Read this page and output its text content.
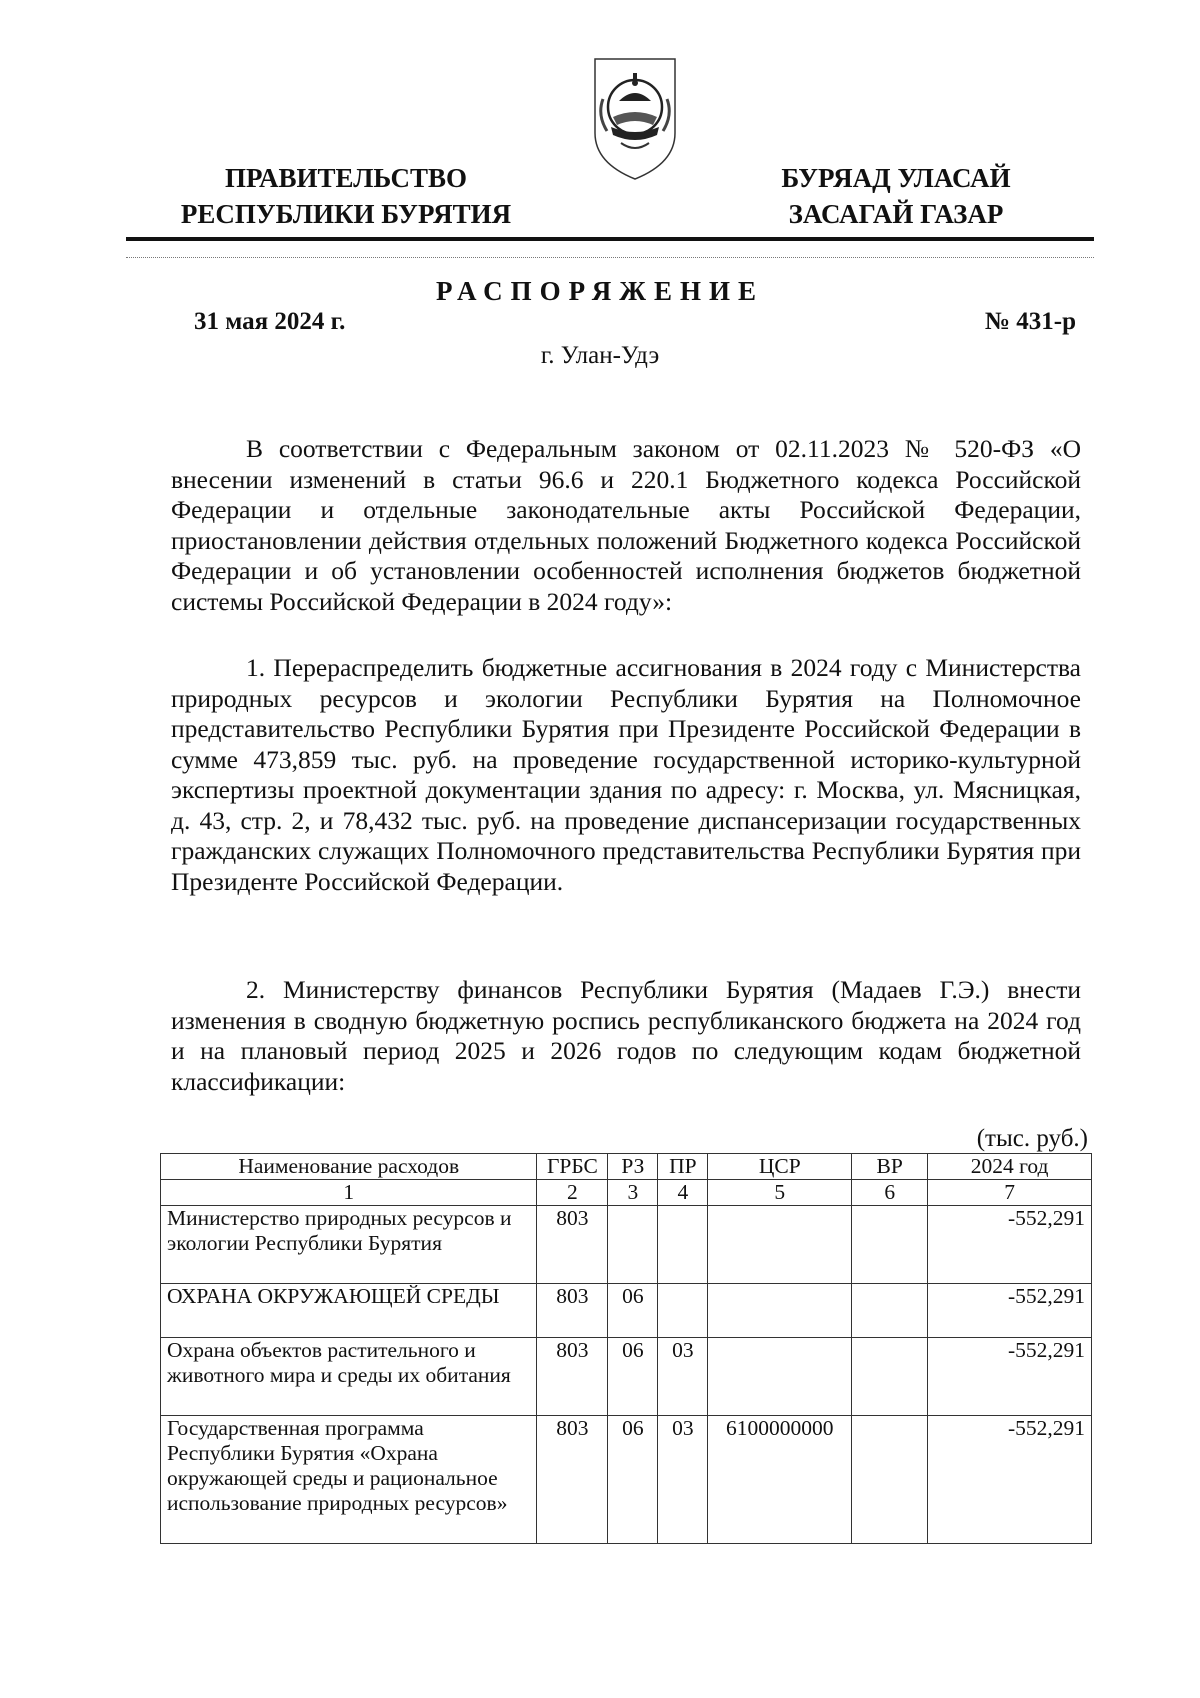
ПРАВИТЕЛЬСТВО
РЕСПУБЛИКИ БУРЯТИЯ
БУРЯАД УЛАСАЙ
ЗАСАГАЙ ГАЗАР
РАСПОРЯЖЕНИЕ
31 мая 2024 г.	№ 431-р
г. Улан-Удэ

В соответствии с Федеральным законом от 02.11.2023 № 520-ФЗ «О внесении изменений в статьи 96.6 и 220.1 Бюджетного кодекса Российской Федерации и отдельные законодательные акты Российской Федерации, приостановлении действия отдельных положений Бюджетного кодекса Российской Федерации и об установлении особенностей исполнения бюджетов бюджетной системы Российской Федерации в 2024 году»:

1. Перераспределить бюджетные ассигнования в 2024 году с Министерства природных ресурсов и экологии Республики Бурятия на Полномочное представительство Республики Бурятия при Президенте Российской Федерации в сумме 473,859 тыс. руб. на проведение государственной историко-культурной экспертизы проектной документации здания по адресу: г. Москва, ул. Мясницкая, д. 43, стр. 2, и 78,432 тыс. руб. на проведение диспансеризации государственных гражданских служащих Полномочного представительства Республики Бурятия при Президенте Российской Федерации.

2. Министерству финансов Республики Бурятия (Мадаев Г.Э.) внести изменения в сводную бюджетную роспись республиканского бюджета на 2024 год и на плановый период 2025 и 2026 годов по следующим кодам бюджетной классификации:

(тыс. руб.)
Наименование расходов	ГРБС	РЗ	ПР	ЦСР	ВР	2024 год
1	2	3	4	5	6	7
Министерство природных ресурсов и экологии Республики Бурятия	803					-552,291
ОХРАНА ОКРУЖАЮЩЕЙ СРЕДЫ	803	06				-552,291
Охрана объектов растительного и животного мира и среды их обитания	803	06	03			-552,291
Государственная программа Республики Бурятия «Охрана окружающей среды и рациональное использование природных ресурсов»	803	06	03	6100000000		-552,291
